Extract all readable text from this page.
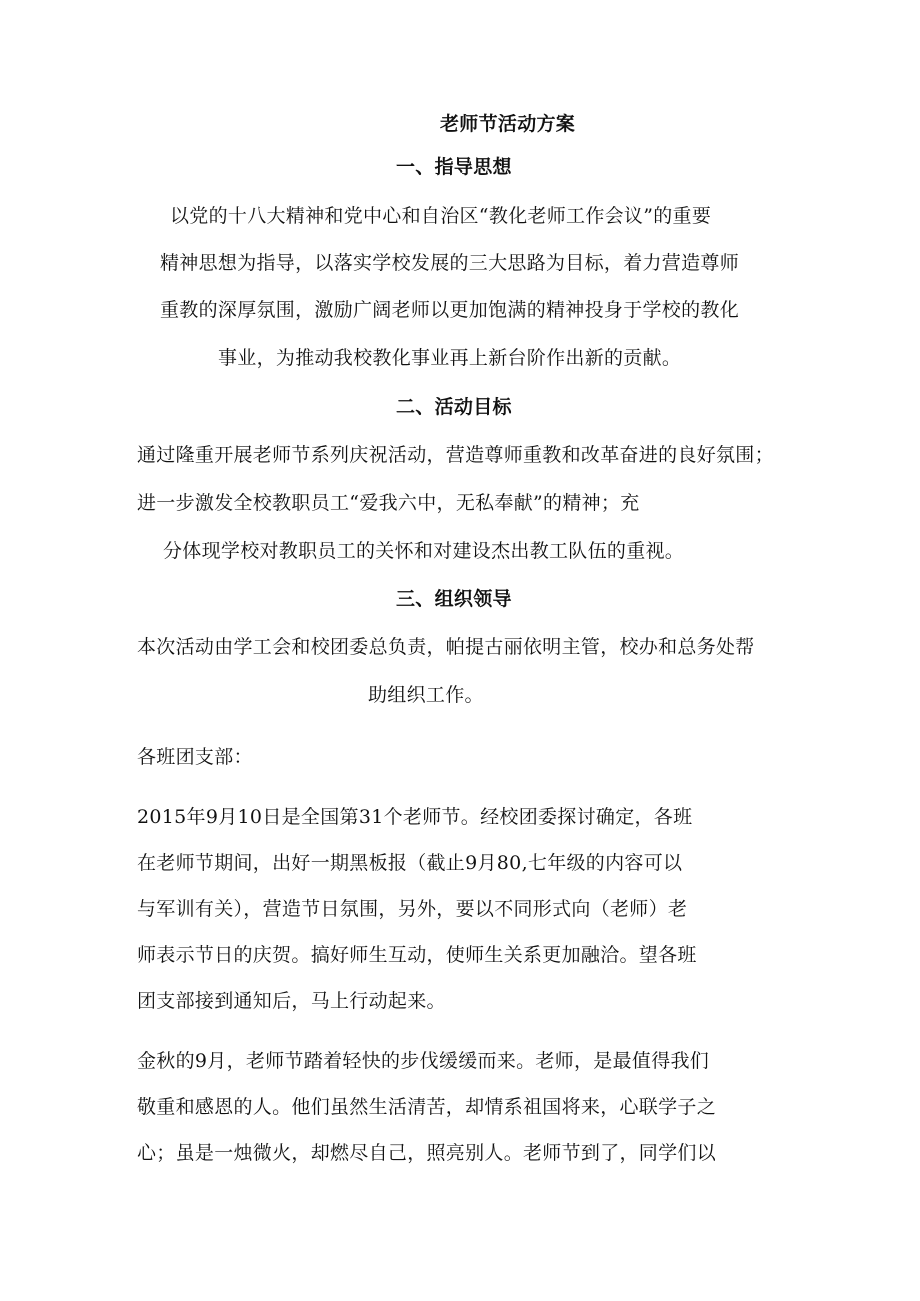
老师节活动方案

一、指导思想

以党的十八大精神和党中心和自治区“教化老师工作会议”的重要

精神思想为指导，以落实学校发展的三大思路为目标，着力营造尊师

重教的深厚氛围，激励广阔老师以更加饱满的精神投身于学校的教化

事业，为推动我校教化事业再上新台阶作出新的贡献。

二、活动目标

通过隆重开展老师节系列庆祝活动，营造尊师重教和改革奋进的良好氛围；

进一步激发全校教职员工“爱我六中，无私奉献”的精神；充

分体现学校对教职员工的关怀和对建设杰出教工队伍的重视。

三、组织领导

本次活动由学工会和校团委总负责，帕提古丽依明主管，校办和总务处帮

助组织工作。

各班团支部：

2015年9月10日是全国第31个老师节。经校团委探讨确定，各班

在老师节期间，出好一期黑板报（截止9月80,七年级的内容可以

与军训有关），营造节日氛围，另外，要以不同形式向（老师）老

师表示节日的庆贺。搞好师生互动，使师生关系更加融洽。望各班

团支部接到通知后，马上行动起来。

金秋的9月，老师节踏着轻快的步伐缓缓而来。老师，是最值得我们

敬重和感恩的人。他们虽然生活清苦，却情系祖国将来，心联学子之

心；虽是一烛微火，却燃尽自己，照亮别人。老师节到了，同学们以
